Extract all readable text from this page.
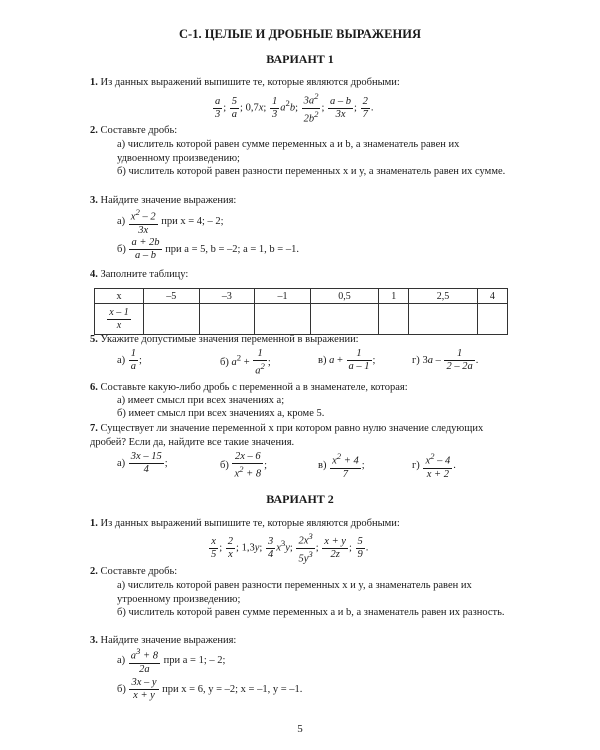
С-1. ЦЕЛЫЕ И ДРОБНЫЕ ВЫРАЖЕНИЯ
ВАРИАНТ 1
1. Из данных выражений выпишите те, которые являются дробными:
$\frac{a}{3}$ ; $\frac{5}{a}$ ; 0,7x; $\frac{1}{3} a^2b$; $\frac{3a^2}{2b^2}$ ; $\frac{a - b}{3x}$ ; $\frac{2}{7}$ .
2. Составьте дробь:
а) числитель которой равен сумме переменных a и b, а знаменатель равен их удвоенному произведению;
б) числитель которой равен разности переменных x и y, а знаменатель равен их сумме.
3. Найдите значение выражения:
$а) \frac{x^2 - 2}{3x}$ при x = 4; – 2;
$б) \frac{a + 2b}{a - b}$ при a = 5, b = –2; a = 1, b = –1.
4. Заполните таблицу:
x	–5	–3	–1	0,5	1	2,5	4

$\frac{x - 1}{x}$

5. Укажите допустимые значения переменной в выражении:
$а) \frac{1}{a}$ ;	б) $a^2 + \frac{1}{a^2}$ ;	в) $a + \frac{1}{a - 1}$ ;	г) $3a - \frac{1}{2 - 2a}$ .
6. Составьте какую-либо дробь с переменной a в знаменателе, которая:
а) имеет смысл при всех значениях a;
б) имеет смысл при всех значениях a, кроме 5.
7. Существует ли значение переменной x при котором равно нулю значение следующих дробей? Если да, найдите все такие значения.
$а) \frac{3x - 15}{4}$ ;	$б) \frac{2x - 6}{x^2 + 8}$ ;	$в) \frac{x^2 + 4}{7}$ ;	$г) \frac{x^2 - 4}{x + 2}$ .
ВАРИАНТ 2
1. Из данных выражений выпишите те, которые являются дробными:
$\frac{x}{5}$ ; $\frac{2}{x}$ ; 1,3y; $\frac{3}{4} x^3y$; $\frac{2x^3}{5y^3}$ ; $\frac{x + y}{2z}$ ; $\frac{5}{9}$ .
2. Составьте дробь:
а) числитель которой равен разности переменных x и y, а знаменатель равен их утроенному произведению;
б) числитель которой равен сумме переменных a и b, а знаменатель равен их разность.
3. Найдите значение выражения:
$а) \frac{a^3 + 8}{2a}$ при a = 1; – 2;
$б) \frac{3x - y}{x + y}$ при x = 6, y = –2; x = –1, y = –1.
5
